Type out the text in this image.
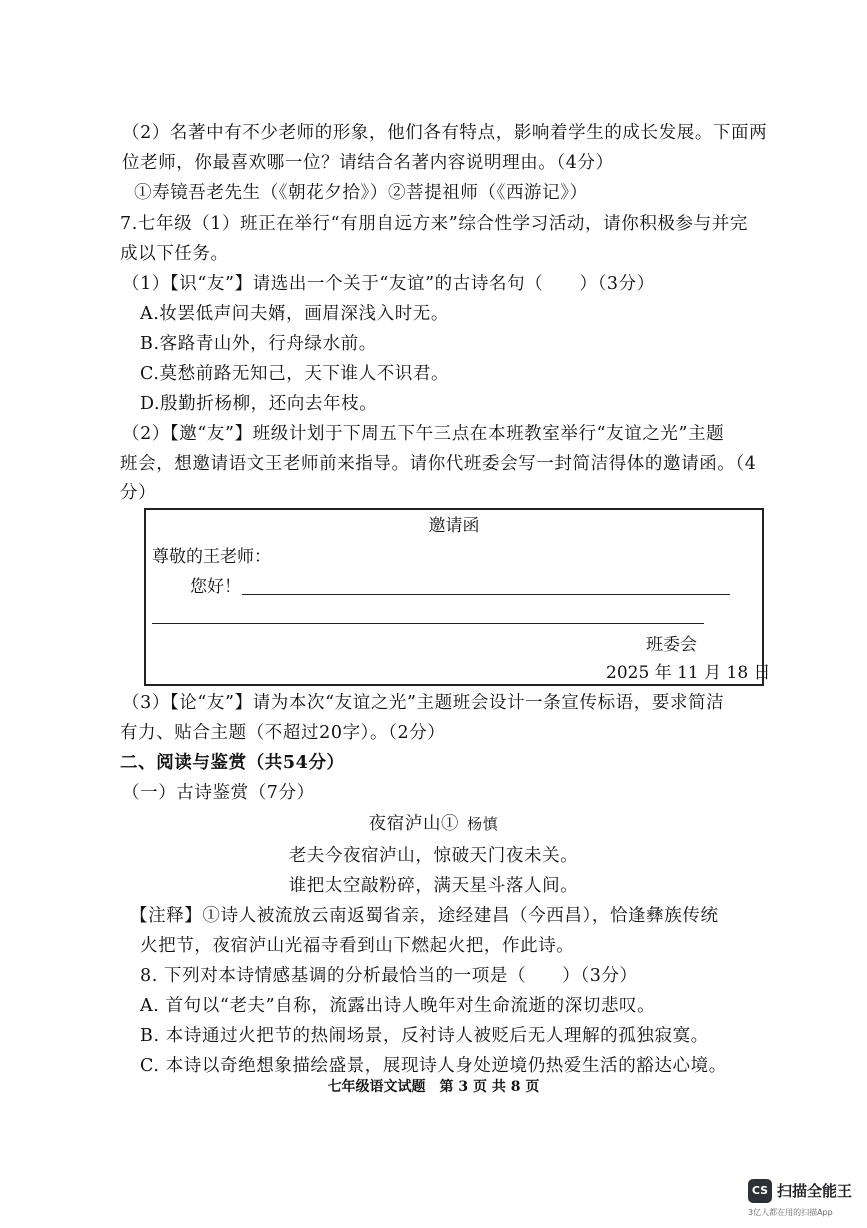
（2）名著中有不少老师的形象，他们各有特点，影响着学生的成长发展。下面两
位老师，你最喜欢哪一位？请结合名著内容说明理由。（4分）
①寿镜吾老先生（《朝花夕拾》）②菩提祖师（《西游记》）
7.七年级（1）班正在举行“有朋自远方来”综合性学习活动，请你积极参与并完
成以下任务。
（1）【识“友”】请选出一个关于“友谊”的古诗名句（　　）（3分）
A.妆罢低声问夫婿，画眉深浅入时无。
B.客路青山外，行舟绿水前。
C.莫愁前路无知己，天下谁人不识君。
D.殷勤折杨柳，还向去年枝。
（2）【邀“友”】班级计划于下周五下午三点在本班教室举行“友谊之光”主题
班会，想邀请语文王老师前来指导。请你代班委会写一封简洁得体的邀请函。（4
分）
邀请函
尊敬的王老师：
您好！
班委会
2025 年 11 月 18 日
（3）【论“友”】请为本次“友谊之光”主题班会设计一条宣传标语，要求简洁
有力、贴合主题（不超过20字）。（2分）
二、阅读与鉴赏（共54分）
（一）古诗鉴赏（7分）
夜宿泸山① 杨慎
老夫今夜宿泸山，惊破天门夜未关。
谁把太空敲粉碎，满天星斗落人间。
【注释】①诗人被流放云南返蜀省亲，途经建昌（今西昌），恰逢彝族传统
火把节，夜宿泸山光福寺看到山下燃起火把，作此诗。
8. 下列对本诗情感基调的分析最恰当的一项是（　　）（3分）
A. 首句以“老夫”自称，流露出诗人晚年对生命流逝的深切悲叹。
B. 本诗通过火把节的热闹场景，反衬诗人被贬后无人理解的孤独寂寞。
C. 本诗以奇绝想象描绘盛景，展现诗人身处逆境仍热爱生活的豁达心境。
七年级语文试题　第 3 页 共 8 页
CS 扫描全能王
3亿人都在用的扫描App
